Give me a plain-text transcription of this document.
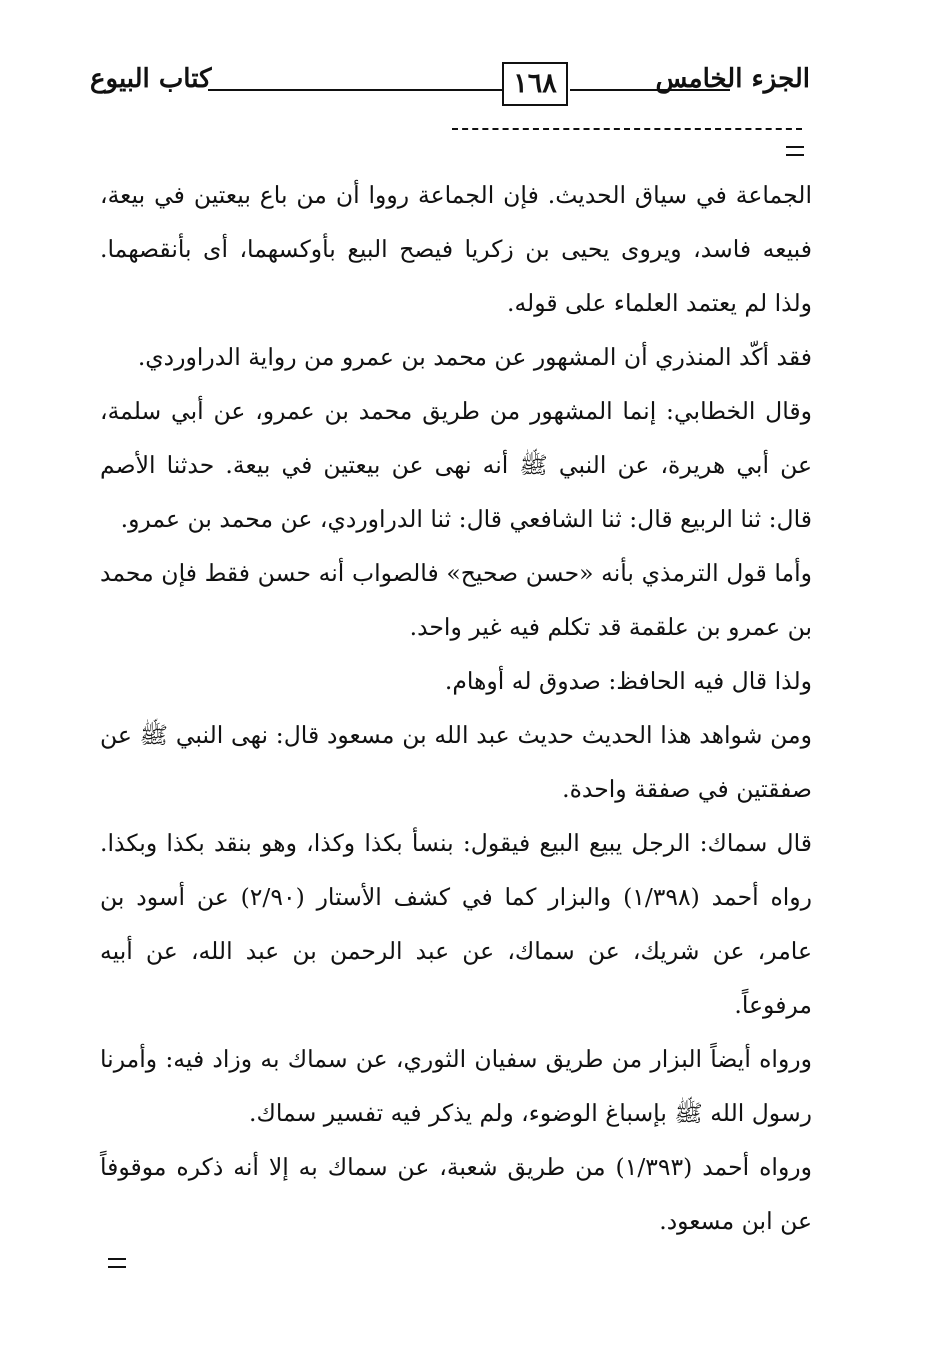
كتاب البيوع	١٦٨	الجزء الخامس

الجماعة في سياق الحديث. فإن الجماعة رووا أن من باع بيعتين في بيعة، فبيعه فاسد، ويروى يحيى بن زكريا فيصح البيع بأوكسهما، أى بأنقصهما. ولذا لم يعتمد العلماء على قوله.

فقد أكّد المنذري أن المشهور عن محمد بن عمرو من رواية الدراوردي.

وقال الخطابي: إنما المشهور من طريق محمد بن عمرو، عن أبي سلمة، عن أبي هريرة، عن النبي ﷺ أنه نهى عن بيعتين في بيعة. حدثنا الأصم قال: ثنا الربيع قال: ثنا الشافعي قال: ثنا الدراوردي، عن محمد بن عمرو.

وأما قول الترمذي بأنه «حسن صحيح» فالصواب أنه حسن فقط فإن محمد بن عمرو بن علقمة قد تكلم فيه غير واحد.

ولذا قال فيه الحافظ: صدوق له أوهام.

ومن شواهد هذا الحديث حديث عبد الله بن مسعود قال: نهى النبي ﷺ عن صفقتين في صفقة واحدة.

قال سماك: الرجل يبيع البيع فيقول: بنسأ بكذا وكذا، وهو بنقد بكذا وبكذا. رواه أحمد (١/٣٩٨) والبزار كما في كشف الأستار (٢/٩٠) عن أسود بن عامر، عن شريك، عن سماك، عن عبد الرحمن بن عبد الله، عن أبيه مرفوعاً.

ورواه أيضاً البزار من طريق سفيان الثوري، عن سماك به وزاد فيه: وأمرنا رسول الله ﷺ بإسباغ الوضوء، ولم يذكر فيه تفسير سماك.

ورواه أحمد (١/٣٩٣) من طريق شعبة، عن سماك به إلا أنه ذكره موقوفاً عن ابن مسعود.
